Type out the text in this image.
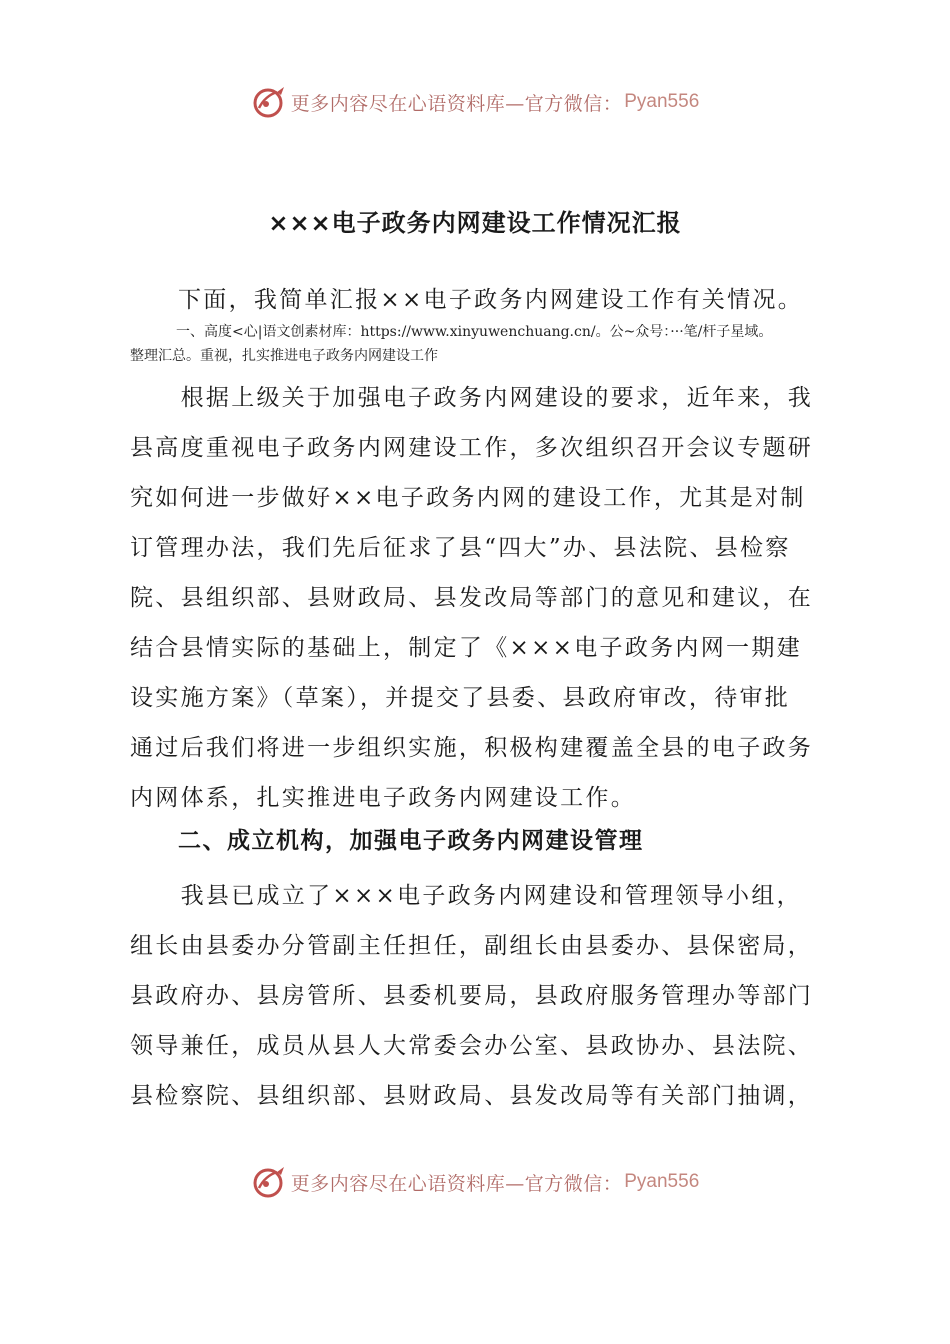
更多内容尽在心语资料库—官方微信： Pyan556
×××电子政务内网建设工作情况汇报
下面，我简单汇报××电子政务内网建设工作有关情况。
一、高度<心|语文创素材库：https://www.xinyuwenchuang.cn/。公~众号：···笔/杆子星域。
整理汇总。重视，扎实推进电子政务内网建设工作
　　根据上级关于加强电子政务内网建设的要求，近年来，我
县高度重视电子政务内网建设工作，多次组织召开会议专题研
究如何进一步做好××电子政务内网的建设工作，尤其是对制
订管理办法，我们先后征求了县“四大”办、县法院、县检察
院、县组织部、县财政局、县发改局等部门的意见和建议，在
结合县情实际的基础上，制定了《×××电子政务内网一期建
设实施方案》（草案），并提交了县委、县政府审改，待审批
通过后我们将进一步组织实施，积极构建覆盖全县的电子政务
内网体系，扎实推进电子政务内网建设工作。
二、成立机构，加强电子政务内网建设管理
　　我县已成立了×××电子政务内网建设和管理领导小组，
组长由县委办分管副主任担任，副组长由县委办、县保密局，
县政府办、县房管所、县委机要局，县政府服务管理办等部门
领导兼任，成员从县人大常委会办公室、县政协办、县法院、
县检察院、县组织部、县财政局、县发改局等有关部门抽调，
更多内容尽在心语资料库—官方微信： Pyan556
